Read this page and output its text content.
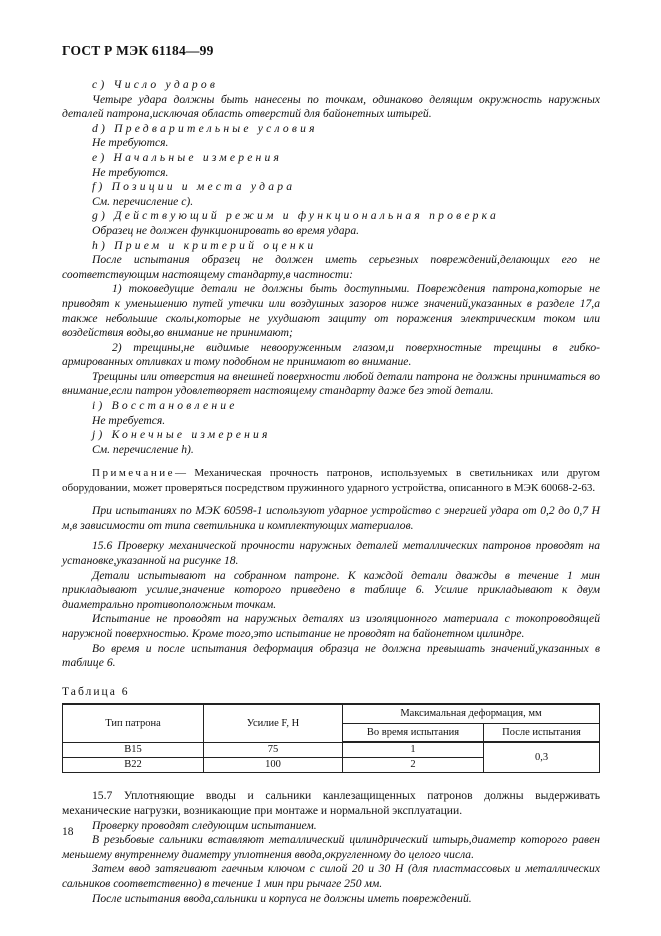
ГОСТ Р МЭК 61184—99

c) Число ударов

Четыре удара должны быть нанесены по точкам, одинаково делящим окружность наружных деталей патрона,исключая область отверстий для байонетных штырей.

d) Предварительные условия

Не требуются.

e) Начальные измерения

Не требуются.

f) Позиции и места удара

См. перечисление с).

g) Действующий режим и функциональная проверка

Образец не должен функционировать во время удара.

h) Прием и критерий оценки

После испытания образец не должен иметь серьезных повреждений,делающих его не соответствующим настоящему стандарту,в частности:

1) токоведущие детали не должны быть доступными. Повреждения патрона,которые не приводят к уменьшению путей утечки или воздушных зазоров ниже значений,указанных в разделе 17,а также небольшие сколы,которые не ухудшают защиту от поражения электрическим током или воздействия воды,во внимание не принимают;

2) трещины,не видимые невооруженным глазом,и поверхностные трещины в гибко-армированных отливках и тому подобном не принимают во внимание.

Трещины или отверстия на внешней поверхности любой детали патрона не должны приниматься во внимание,если патрон удовлетворяет настоящему стандарту даже без этой детали.

i) Восстановление

Не требуется.

j) Конечные измерения

См. перечисление h).

Примечание— Механическая прочность патронов, используемых в светильниках или другом оборудовании, может проверяться посредством пружинного ударного устройства, описанного в МЭК 60068-2-63.

При испытаниях по МЭК 60598-1 используют ударное устройство с энергией удара от 0,2 до 0,7 Н м,в зависимости от типа светильника и комплектующих материалов.

15.6 Проверку механической прочности наружных деталей металлических патронов проводят на установке,указанной на рисунке 18.

Детали испытывают на собранном патроне. К каждой детали дважды в течение 1 мин прикладывают усилие,значение которого приведено в таблице 6. Усилие прикладывают к двум диаметрально противоположным точкам.

Испытание не проводят на наружных деталях из изоляционного материала с токопроводящей наружной поверхностью. Кроме того,это испытание не проводят на байонетном цилиндре.

Во время и после испытания деформация образца не должна превышать значений,указанных в таблице 6.

Таблица 6

Тип патрона	Усилие F, Н	Максимальная деформация, мм	
		Во время испытания	После испытания
B15	75	1	0,3
B22	100	2	

15.7 Уплотняющие вводы и сальники канлезащищенных патронов должны выдерживать механические нагрузки, возникающие при монтаже и нормальной эксплуатации.

Проверку проводят следующим испытанием.

В резьбовые сальники вставляют металлический цилиндрический штырь,диаметр которого равен меньшему внутреннему диаметру уплотнения ввода,округленному до целого числа.

Затем ввод затягивают гаечным ключом с силой 20 и 30 Н (для пластмассовых и металлических сальников соответственно) в течение 1 мин при рычаге 250 мм.

После испытания ввода,сальники и корпуса не должны иметь повреждений.

18
